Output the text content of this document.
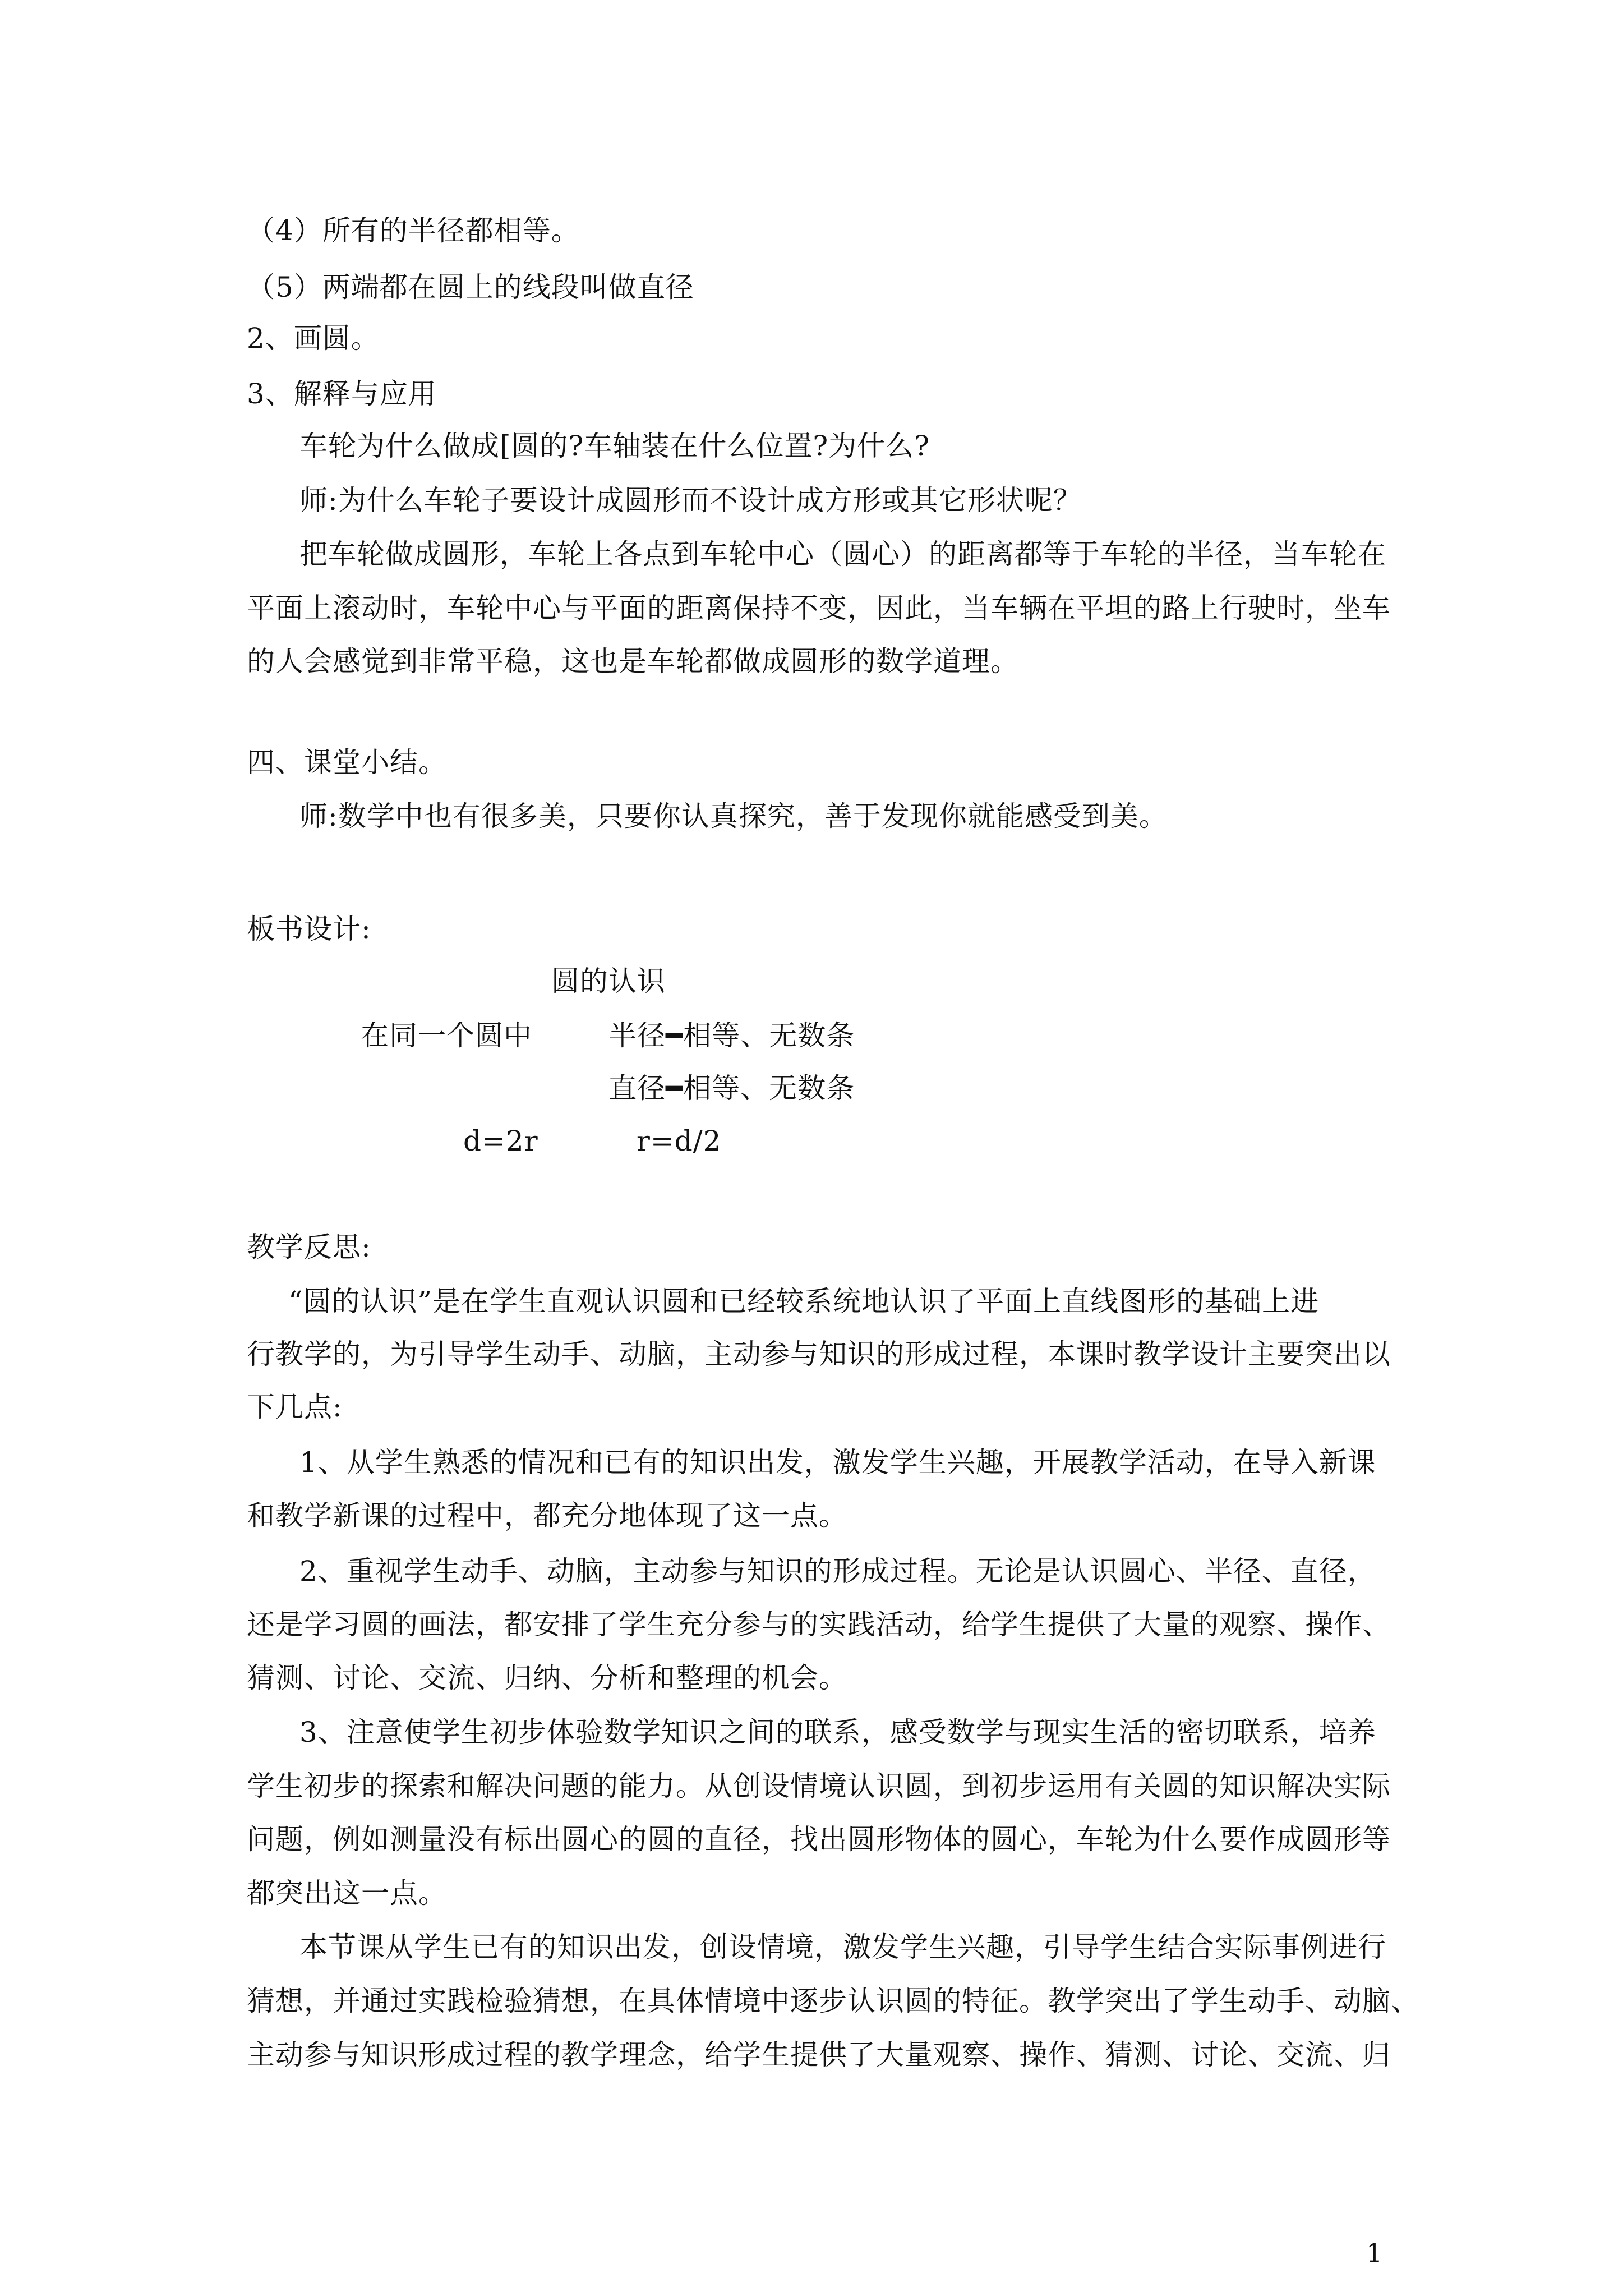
（4）所有的半径都相等。
（5）两端都在圆上的线段叫做直径
2、画圆。
3、解释与应用
车轮为什么做成[圆的?车轴装在什么位置?为什么?
师:为什么车轮子要设计成圆形而不设计成方形或其它形状呢？
把车轮做成圆形，车轮上各点到车轮中心（圆心）的距离都等于车轮的半径，当车轮在
平面上滚动时，车轮中心与平面的距离保持不变，因此，当车辆在平坦的路上行驶时，坐车
的人会感觉到非常平稳，这也是车轮都做成圆形的数学道理。
四、课堂小结。
师:数学中也有很多美，只要你认真探究，善于发现你就能感受到美。
板书设计:
圆的认识
在同一个圆中	半径━相等、无数条
直径━相等、无数条
d=2r	r=d/2
教学反思:
“圆的认识”是在学生直观认识圆和已经较系统地认识了平面上直线图形的基础上进
行教学的，为引导学生动手、动脑，主动参与知识的形成过程，本课时教学设计主要突出以
下几点:
1、从学生熟悉的情况和已有的知识出发，激发学生兴趣，开展教学活动，在导入新课
和教学新课的过程中，都充分地体现了这一点。
2、重视学生动手、动脑，主动参与知识的形成过程。无论是认识圆心、半径、直径，
还是学习圆的画法，都安排了学生充分参与的实践活动，给学生提供了大量的观察、操作、
猜测、讨论、交流、归纳、分析和整理的机会。
3、注意使学生初步体验数学知识之间的联系，感受数学与现实生活的密切联系，培养
学生初步的探索和解决问题的能力。从创设情境认识圆，到初步运用有关圆的知识解决实际
问题，例如测量没有标出圆心的圆的直径，找出圆形物体的圆心，车轮为什么要作成圆形等
都突出这一点。
本节课从学生已有的知识出发，创设情境，激发学生兴趣，引导学生结合实际事例进行
猜想，并通过实践检验猜想，在具体情境中逐步认识圆的特征。教学突出了学生动手、动脑、
主动参与知识形成过程的教学理念，给学生提供了大量观察、操作、猜测、讨论、交流、归
1
